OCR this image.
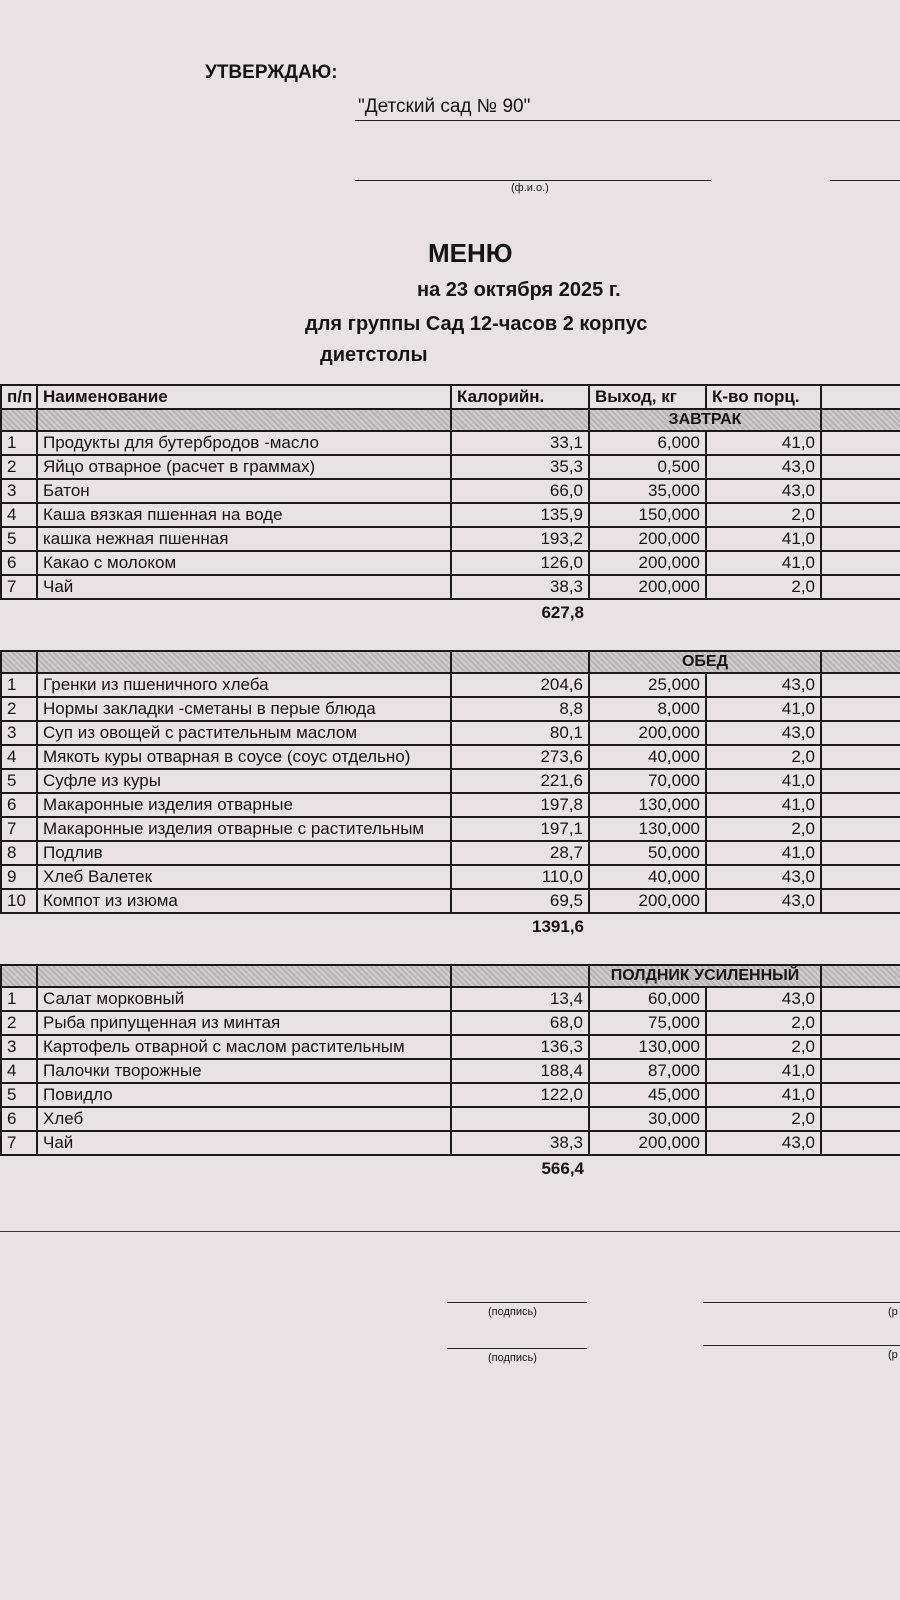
УТВЕРЖДАЮ:
"Детский сад № 90"
(ф.и.о.)
МЕНЮ
на 23 октября 2025 г.
для группы Сад 12-часов 2 корпус
диетстолы
п/п	Наименование	Калорийн.	Выход, кг	К-во порц.	
			ЗАВТРАК		
1	Продукты для бутербродов -масло	33,1	6,000	41,0	
2	Яйцо отварное (расчет в граммах)	35,3	0,500	43,0	
3	Батон	66,0	35,000	43,0	
4	Каша вязкая пшенная на воде	135,9	150,000	2,0	
5	кашка нежная пшенная	193,2	200,000	41,0	
6	Какао с молоком	126,0	200,000	41,0	
7	Чай	38,3	200,000	2,0	
		627,8			

			ОБЕД		
1	Гренки из пшеничного хлеба	204,6	25,000	43,0	
2	Нормы закладки -сметаны в перые блюда	8,8	8,000	41,0	
3	Суп из овощей с растительным маслом	80,1	200,000	43,0	
4	Мякоть куры отварная в соусе (соус отдельно)	273,6	40,000	2,0	
5	Суфле из куры	221,6	70,000	41,0	
6	Макаронные изделия отварные	197,8	130,000	41,0	
7	Макаронные изделия отварные с растительным	197,1	130,000	2,0	
8	Подлив	28,7	50,000	41,0	
9	Хлеб Валетек	110,0	40,000	43,0	
10	Компот из изюма	69,5	200,000	43,0	
		1391,6			

			ПОЛДНИК УСИЛЕННЫЙ		
1	Салат морковный	13,4	60,000	43,0	
2	Рыба припущенная из минтая	68,0	75,000	2,0	
3	Картофель отварной с маслом растительным	136,3	130,000	2,0	
4	Палочки творожные	188,4	87,000	41,0	
5	Повидло	122,0	45,000	41,0	
6	Хлеб		30,000	2,0	
7	Чай	38,3	200,000	43,0	
		566,4			
(подпись)	(р
(подпись)	(р
